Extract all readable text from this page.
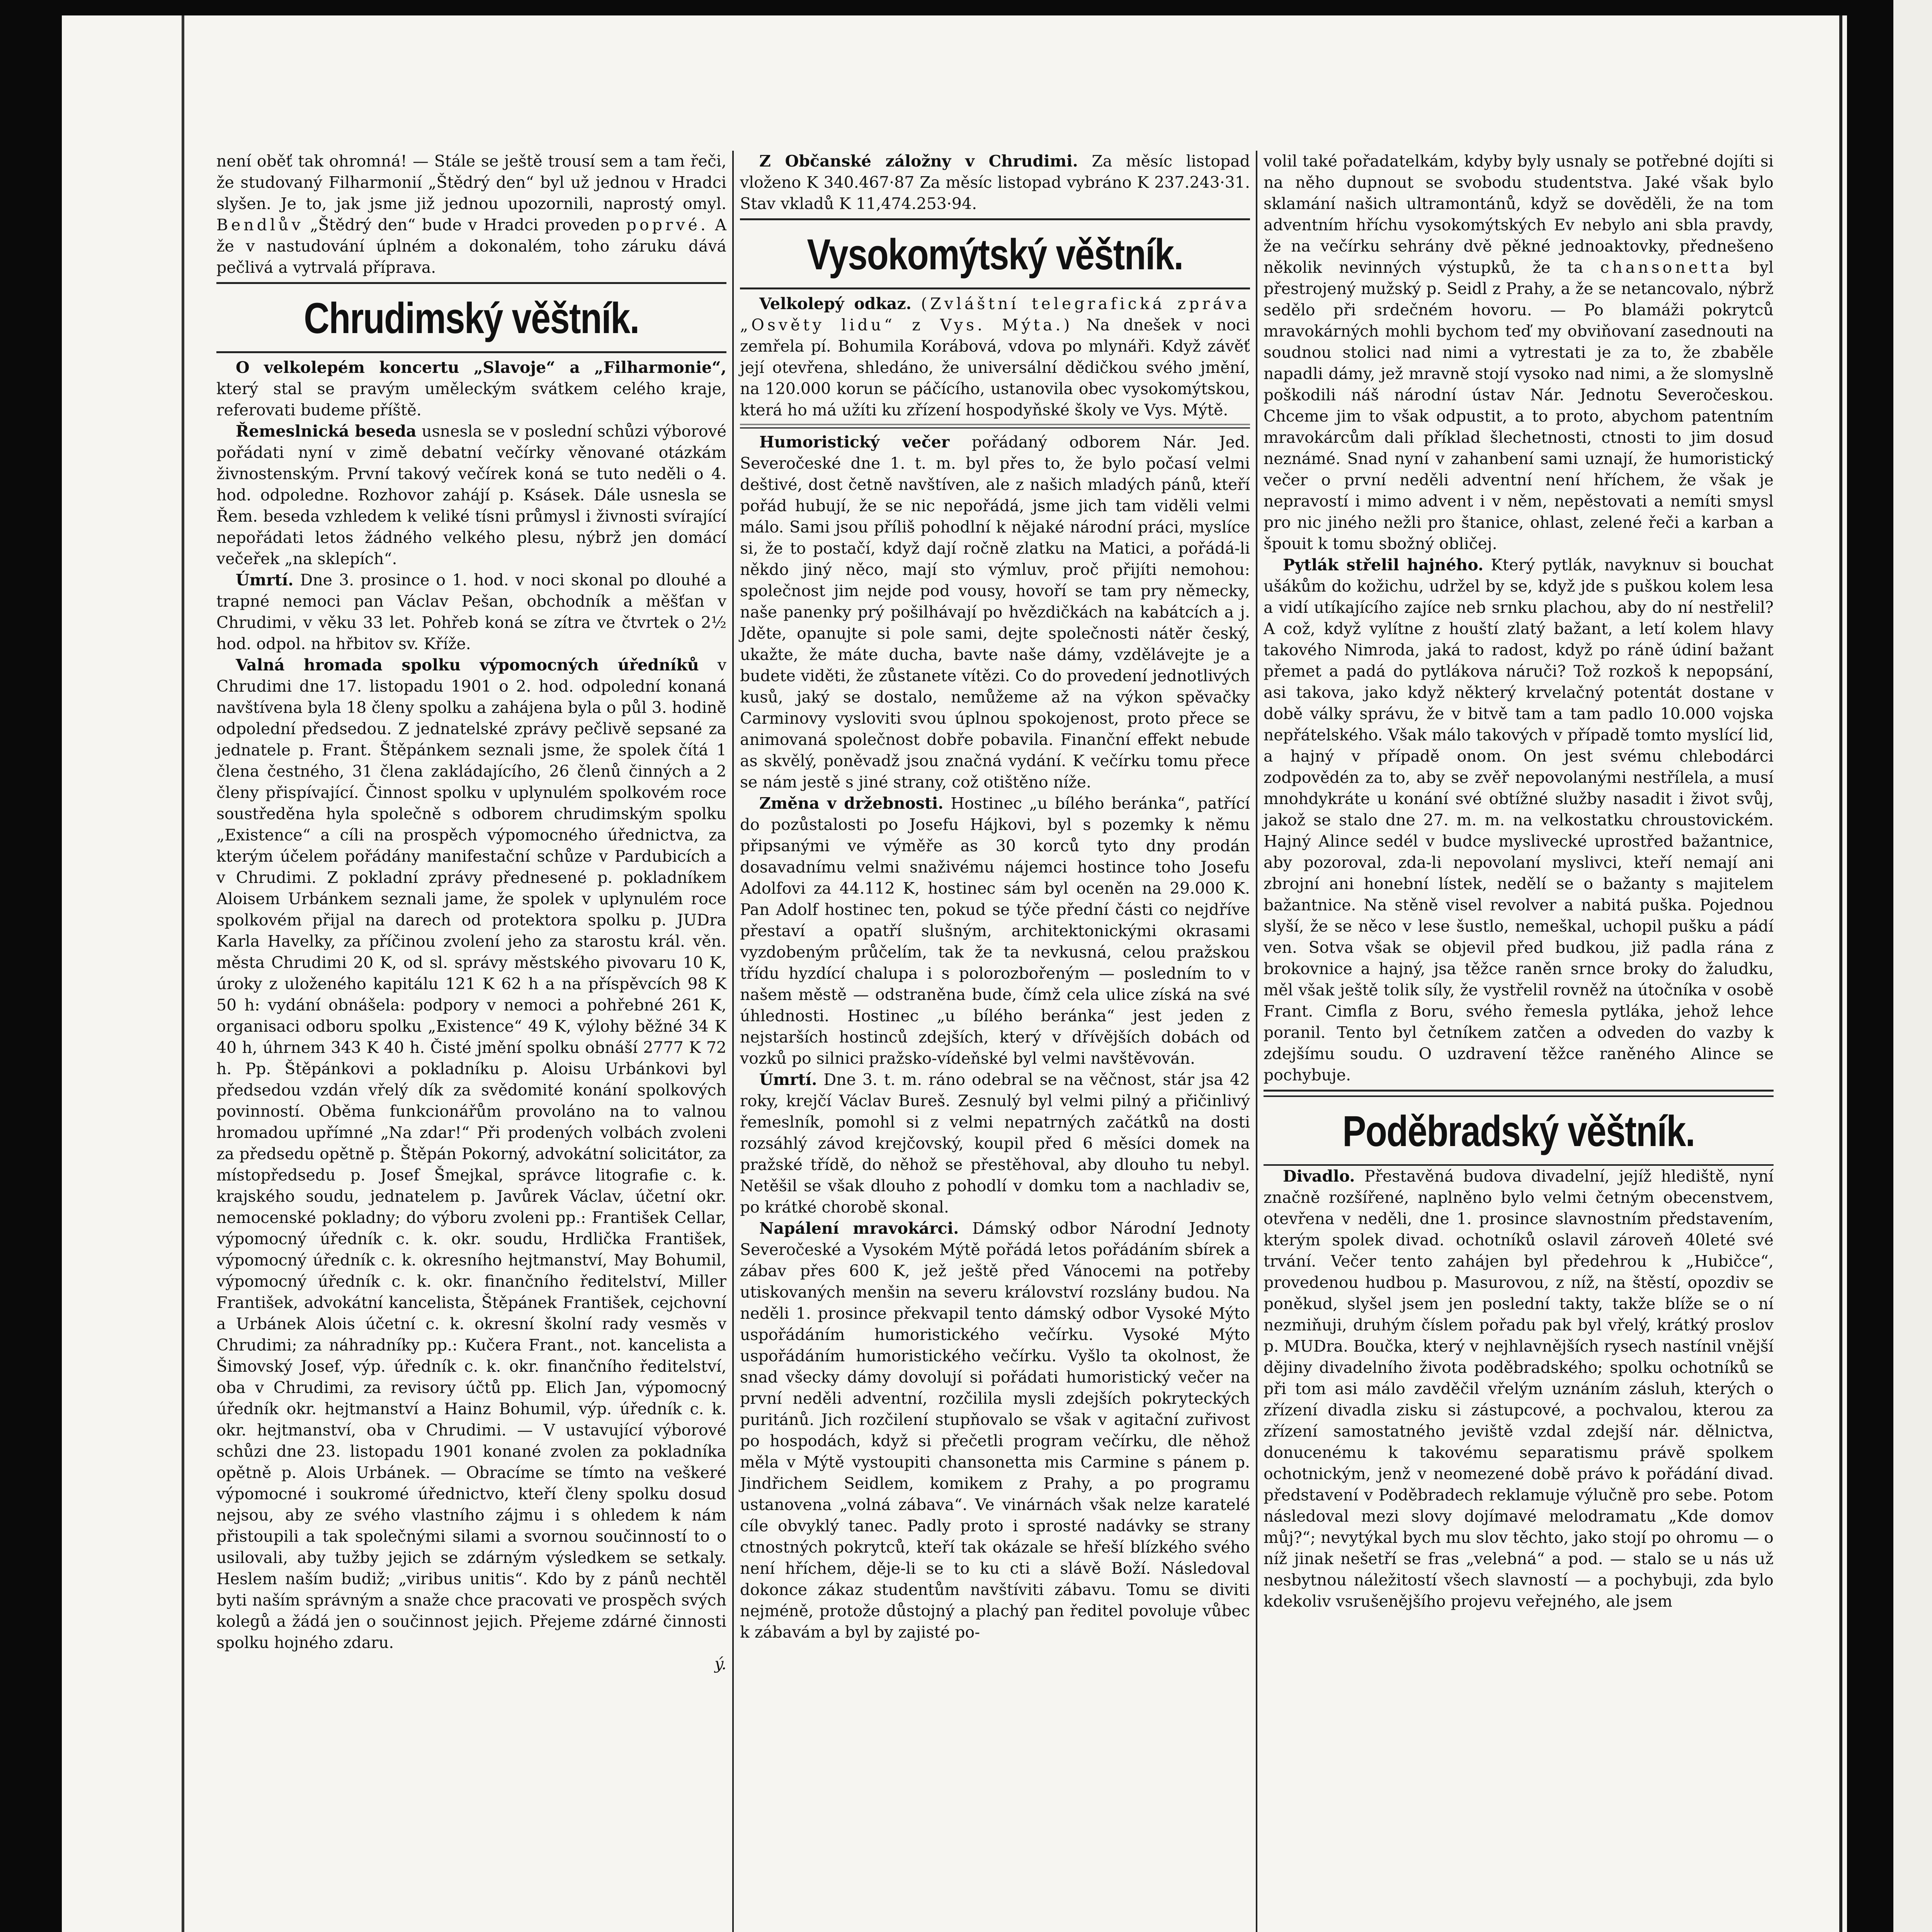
není oběť tak ohromná! — Stále se ještě trousí sem a tam řeči, že studovaný Filharmonií „Štědrý den“ byl už jednou v Hradci slyšen. Je to, jak jsme již jednou upozornili, naprostý omyl. Bendlův „Štědrý den“ bude v Hradci proveden poprvé. A že v nastudování úplném a dokonalém, toho záruku dává pečlivá a vytrvalá příprava.

Chrudimský věštník.

O velkolepém koncertu „Slavoje“ a „Filharmonie“, který stal se pravým uměleckým svátkem celého kraje, referovati budeme příště.

Řemeslnická beseda usnesla se v poslední schůzi výborové pořádati nyní v zimě debatní večírky věnované otázkám živnostenským. První takový večírek koná se tuto neděli o 4. hod. odpoledne. Rozhovor zahájí p. Ksásek. Dále usnesla se Řem. beseda vzhledem k veliké tísni průmysl i živnosti svírající nepořádati letos žádného velkého plesu, nýbrž jen domácí večeřek „na sklepích“.

Úmrtí. Dne 3. prosince o 1. hod. v noci skonal po dlouhé a trapné nemoci pan Václav Pešan, obchodník a měšťan v Chrudimi, v věku 33 let. Pohřeb koná se zítra ve čtvrtek o 2½ hod. odpol. na hřbitov sv. Kříže.

Valná hromada spolku výpomocných úředníků v Chrudimi dne 17. listopadu 1901 o 2. hod. odpolední konaná navštívena byla 18 členy spolku a zahájena byla o půl 3. hodině odpolední předsedou. Z jednatelské zprávy pečlivě sepsané za jednatele p. Frant. Štěpánkem seznali jsme, že spolek čítá 1 člena čestného, 31 člena zakládajícího, 26 členů činných a 2 členy přispívající. Činnost spolku v uplynulém spolkovém roce soustředěna hyla společně s odborem chrudimským spolku „Existence“ a cíli na prospěch výpomocného úřednictva, za kterým účelem pořádány manifestační schůze v Pardubicích a v Chrudimi. Z pokladní zprávy přednesené p. pokladníkem Aloisem Urbánkem seznali jame, že spolek v uplynulém roce spolkovém přijal na darech od protektora spolku p. JUDra Karla Havelky, za příčinou zvolení jeho za starostu král. věn. města Chrudimi 20 K, od sl. správy městského pivovaru 10 K, úroky z uloženého kapitálu 121 K 62 h a na příspěvcích 98 K 50 h: vydání obnášela: podpory v nemoci a pohřebné 261 K, organisaci odboru spolku „Existence“ 49 K, výlohy běžné 34 K 40 h, úhrnem 343 K 40 h. Čisté jmění spolku obnáší 2777 K 72 h. Pp. Štěpánkovi a pokladníku p. Aloisu Urbánkovi byl předsedou vzdán vřelý dík za svědomité konání spolkových povinností. Oběma funkcionářům provoláno na to valnou hromadou upřímné „Na zdar!“ Při prodených volbách zvoleni za předsedu opětně p. Štěpán Pokorný, advokátní solicitátor, za místopředsedu p. Josef Šmejkal, správce litografie c. k. krajského soudu, jednatelem p. Javůrek Václav, účetní okr. nemocenské pokladny; do výboru zvoleni pp.: František Cellar, výpomocný úředník c. k. okr. soudu, Hrdlička František, výpomocný úředník c. k. okresního hejtmanství, May Bohumil, výpomocný úředník c. k. okr. finančního ředitelství, Miller František, advokátní kancelista, Štěpánek František, cejchovní a Urbánek Alois účetní c. k. okresní školní rady vesměs v Chrudimi; za náhradníky pp.: Kučera Frant., not. kancelista a Šimovský Josef, výp. úředník c. k. okr. finančního ředitelství, oba v Chrudimi, za revisory účtů pp. Elich Jan, výpomocný úředník okr. hejtmanství a Hainz Bohumil, výp. úředník c. k. okr. hejtmanství, oba v Chrudimi. — V ustavující výborové schůzi dne 23. listopadu 1901 konané zvolen za pokladníka opětně p. Alois Urbánek. — Obracíme se tímto na veškeré výpomocné i soukromé úřednictvo, kteří členy spolku dosud nejsou, aby ze svého vlastního zájmu i s ohledem k nám přistoupili a tak společnými silami a svornou součinností to o usilovali, aby tužby jejich se zdárným výsledkem se setkaly. Heslem naším budiž; „viribus unitis“. Kdo by z pánů nechtěl byti naším správným a snaže chce pracovati ve prospěch svých kolegů a žádá jen o součinnost jejich. Přejeme zdárné činnosti spolku hojného zdaru.

ý.

Z Občanské záložny v Chrudimi. Za měsíc listopad vloženo K 340.467·87 Za měsíc listopad vybráno K 237.243·31. Stav vkladů K 11,474.253·94.

Vysokomýtský věštník.

Velkolepý odkaz. (Zvláštní telegrafická zpráva „Osvěty lidu“ z Vys. Mýta.) Na dnešek v noci zemřela pí. Bohumila Korábová, vdova po mlynáři. Když závěť její otevřena, shledáno, že universální dědičkou svého jmění, na 120.000 korun se páčícího, ustanovila obec vysokomýtskou, která ho má užíti ku zřízení hospodyňské školy ve Vys. Mýtě.

Humoristický večer pořádaný odborem Nár. Jed. Severočeské dne 1. t. m. byl přes to, že bylo počasí velmi deštivé, dost četně navštíven, ale z našich mladých pánů, kteří pořád hubují, že se nic nepořádá, jsme jich tam viděli velmi málo. Sami jsou příliš pohodlní k nějaké národní práci, myslíce si, že to postačí, když dají ročně zlatku na Matici, a pořádá-li někdo jiný něco, mají sto výmluv, proč přijíti nemohou: společnost jim nejde pod vousy, hovoří se tam pry německy, naše panenky prý pošilhávají po hvězdičkách na kabátcích a j. Jděte, opanujte si pole sami, dejte společnosti nátěr český, ukažte, že máte ducha, bavte naše dámy, vzdělávejte je a budete viděti, že zůstanete vítězi. Co do provedení jednotlivých kusů, jaký se dostalo, nemůžeme až na výkon spěvačky Carminovy vysloviti svou úplnou spokojenost, proto přece se animovaná společnost dobře pobavila. Finanční effekt nebude as skvělý, poněvadž jsou značná vydání. K večírku tomu přece se nám jestě s jiné strany, což otištěno níže.

Změna v držebnosti. Hostinec „u bílého beránka“, patřící do pozůstalosti po Josefu Hájkovi, byl s pozemky k němu připsanými ve výměře as 30 korců tyto dny prodán dosavadnímu velmi snaživému nájemci hostince toho Josefu Adolfovi za 44.112 K, hostinec sám byl oceněn na 29.000 K. Pan Adolf hostinec ten, pokud se týče přední části co nejdříve přestaví a opatří slušným, architektonickými okrasami vyzdobeným průčelím, tak že ta nevkusná, celou pražskou třídu hyzdící chalupa i s polorozbořeným — posledním to v našem městě — odstraněna bude, čímž cela ulice získá na své úhlednosti. Hostinec „u bílého beránka“ jest jeden z nejstarších hostinců zdejších, který v dřívějších dobách od vozků po silnici pražsko-vídeňské byl velmi navštěvován.

Úmrtí. Dne 3. t. m. ráno odebral se na věčnost, stár jsa 42 roky, krejčí Václav Bureš. Zesnulý byl velmi pilný a přičinlivý řemeslník, pomohl si z velmi nepatrných začátků na dosti rozsáhlý závod krejčovský, koupil před 6 měsíci domek na pražské třídě, do něhož se přestěhoval, aby dlouho tu nebyl. Netěšil se však dlouho z pohodlí v domku tom a nachladiv se, po krátké chorobě skonal.

Napálení mravokárci. Dámský odbor Národní Jednoty Severočeské a Vysokém Mýtě pořádá letos pořádáním sbírek a zábav přes 600 K, jež ještě před Vánocemi na potřeby utiskovaných menšin na severu království rozslány budou. Na neděli 1. prosince překvapil tento dámský odbor Vysoké Mýto uspořádáním humoristického večírku. Vysoké Mýto uspořádáním humoristického večírku. Vyšlo ta okolnost, že snad všecky dámy dovolují si pořádati humoristický večer na první neděli adventní, rozčilila mysli zdejších pokryteckých puritánů. Jich rozčilení stupňovalo se však v agitační zuřivost po hospodách, když si přečetli program večírku, dle něhož měla v Mýtě vystoupiti chansonetta mis Carmine s pánem p. Jindřichem Seidlem, komikem z Prahy, a po programu ustanovena „volná zábava“. Ve vinárnách však nelze karatelé cíle obvyklý tanec. Padly proto i sprosté nadávky se strany ctnostných pokrytců, kteří tak okázale se hřeší blízkého svého není hříchem, děje-li se to ku cti a slávě Boží. Následoval dokonce zákaz studentům navštíviti zábavu. Tomu se diviti nejméně, protože důstojný a plachý pan ředitel povoluje vůbec k zábavám a byl by zajisté po-

volil také pořadatelkám, kdyby byly usnaly se potřebné dojíti si na něho dupnout se svobodu studentstva. Jaké však bylo sklamání našich ultramontánů, když se dověděli, že na tom adventním hříchu vysokomýtských Ev nebylo ani sbla pravdy, že na večírku sehrány dvě pěkné jednoaktovky, přednešeno několik nevinných výstupků, že ta chansonetta byl přestrojený mužský p. Seidl z Prahy, a že se netancovalo, nýbrž sedělo při srdečném hovoru. — Po blamáži pokrytců mravokárných mohli bychom teď my obviňovaní zasednouti na soudnou stolici nad nimi a vytrestati je za to, že zbaběle napadli dámy, jež mravně stojí vysoko nad nimi, a že slomyslně poškodili náš národní ústav Nár. Jednotu Severočeskou. Chceme jim to však odpustit, a to proto, abychom patentním mravokárcům dali příklad šlechetnosti, ctnosti to jim dosud neznámé. Snad nyní v zahanbení sami uznají, že humoristický večer o první neděli adventní není hříchem, že však je nepravostí i mimo advent i v něm, nepěstovati a nemíti smysl pro nic jiného nežli pro štanice, ohlast, zelené řeči a karban a špouit k tomu sbožný obličej.

Pytlák střelil hajného. Který pytlák, navyknuv si bouchat ušákům do kožichu, udržel by se, když jde s puškou kolem lesa a vidí utíkajícího zajíce neb srnku plachou, aby do ní nestřelil? A což, když vylítne z houští zlatý bažant, a letí kolem hlavy takového Nimroda, jaká to radost, když po ráně údiní bažant přemet a padá do pytlákova náruči? Tož rozkoš k nepopsání, asi takova, jako když některý krvelačný potentát dostane v době války správu, že v bitvě tam a tam padlo 10.000 vojska nepřátelského. Však málo takových v případě tomto myslící lid, a hajný v případě onom. On jest svému chlebodárci zodpovědén za to, aby se zvěř nepovolanými nestřílela, a musí mnohdykráte u konání své obtížné služby nasadit i život svůj, jakož se stalo dne 27. m. m. na velkostatku chroustovickém. Hajný Alince sedél v budce myslivecké uprostřed bažantnice, aby pozoroval, zda-li nepovolaní myslivci, kteří nemají ani zbrojní ani honební lístek, nedělí se o bažanty s majitelem bažantnice. Na stěně visel revolver a nabitá puška. Pojednou slyší, že se něco v lese šustlo, nemeškal, uchopil pušku a pádí ven. Sotva však se objevil před budkou, již padla rána z brokovnice a hajný, jsa těžce raněn srnce broky do žaludku, měl však ještě tolik síly, že vystřelil rovněž na útočníka v osobě Frant. Cimfla z Boru, svého řemesla pytláka, jehož lehce poranil. Tento byl četníkem zatčen a odveden do vazby k zdejšímu soudu. O uzdravení těžce raněného Alince se pochybuje.

Poděbradský věštník.

Divadlo. Přestavěná budova divadelní, jejíž hlediště, nyní značně rozšířené, naplněno bylo velmi četným obecenstvem, otevřena v neděli, dne 1. prosince slavnostním představením, kterým spolek divad. ochotníků oslavil zároveň 40leté své trvání. Večer tento zahájen byl předehrou k „Hubičce“, provedenou hudbou p. Masurovou, z níž, na štěstí, opozdiv se poněkud, slyšel jsem jen poslední takty, takže blíže se o ní nezmiňuji, druhým číslem pořadu pak byl vřelý, krátký proslov p. MUDra. Boučka, který v nejhlavnějších rysech nastínil vnější dějiny divadelního života poděbradského; spolku ochotníků se při tom asi málo zavděčil vřelým uznáním zásluh, kterých o zřízení divadla zisku si zástupcové, a pochvalou, kterou za zřízení samostatného jeviště vzdal zdejší nár. dělnictva, donucenému k takovému separatismu právě spolkem ochotnickým, jenž v neomezené době právo k pořádání divad. představení v Poděbradech reklamuje výlučně pro sebe. Potom následoval mezi slovy dojímavé melodramatu „Kde domov můj?“; nevytýkal bych mu slov těchto, jako stojí po ohromu — o níž jinak nešetří se fras „velebná“ a pod. — stalo se u nás už nesbytnou náležitostí všech slavností — a pochybuji, zda bylo kdekoliv vsrušenějšího projevu veřejného, ale jsem
